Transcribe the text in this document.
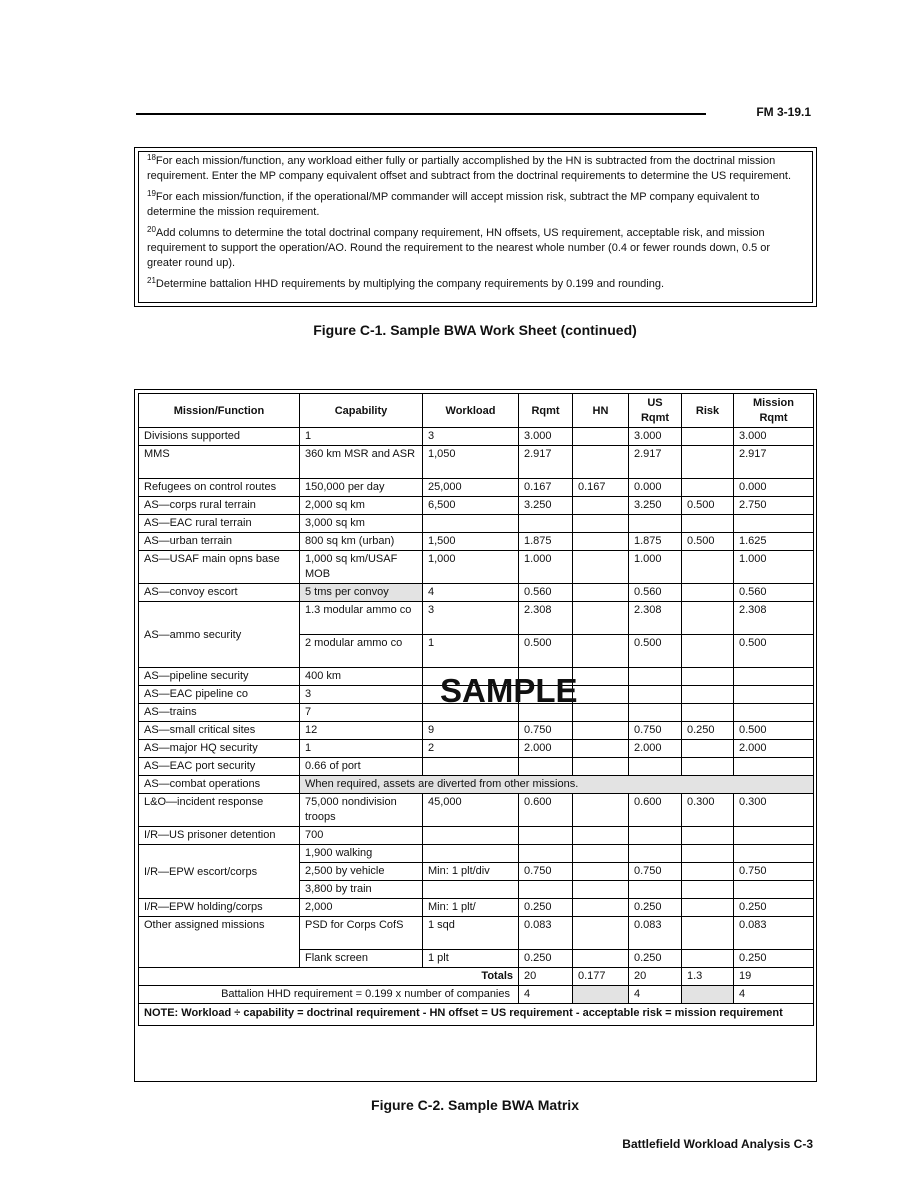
FM 3-19.1

$^{18}$For each mission/function, any workload either fully or partially accomplished by the HN is subtracted from the doctrinal mission requirement. Enter the MP company equivalent offset and subtract from the doctrinal requirements to determine the US requirement.

$^{19}$For each mission/function, if the operational/MP commander will accept mission risk, subtract the MP company equivalent to determine the mission requirement.

$^{20}$Add columns to determine the total doctrinal company requirement, HN offsets, US requirement, acceptable risk, and mission requirement to support the operation/AO. Round the requirement to the nearest whole number (0.4 or fewer rounds down, 0.5 or greater round up).

$^{21}$Determine battalion HHD requirements by multiplying the company requirements by 0.199 and rounding.

Figure C-1. Sample BWA Work Sheet (continued)
Mission/Function	Capability	Workload	Rqmt	HN	US Rqmt	Risk	Mission Rqmt
Divisions supported	1	3	3.000		3.000		3.000
MMS	360 km MSR and ASR	1,050	2.917		2.917		2.917
Refugees on control routes	150,000 per day	25,000	0.167	0.167	0.000		0.000
AS—corps rural terrain	2,000 sq km	6,500	3.250		3.250	0.500	2.750
AS—EAC rural terrain	3,000 sq km						
AS—urban terrain	800 sq km (urban)	1,500	1.875		1.875	0.500	1.625
AS—USAF main opns base	1,000 sq km/USAF MOB	1,000	1.000		1.000		1.000
AS—convoy escort	5 tms per convoy	4	0.560		0.560		0.560
AS—ammo security	1.3 modular ammo co	3	2.308		2.308		2.308
	2 modular ammo co	1	0.500		0.500		0.500
AS—pipeline security	400 km						
AS—EAC pipeline co	3						
AS—trains	7						
AS—small critical sites	12	9	0.750		0.750	0.250	0.500
AS—major HQ security	1	2	2.000		2.000		2.000
AS—EAC port security	0.66 of port						
AS—combat operations	When required, assets are diverted from other missions.						
L&O—incident response	75,000 nondivision troops	45,000	0.600		0.600	0.300	0.300
I/R—US prisoner detention	700						
I/R—EPW escort/corps	1,900 walking						
	2,500 by vehicle	Min: 1 plt/div	0.750		0.750		0.750
	3,800 by train						
I/R—EPW holding/corps	2,000	Min: 1 plt/	0.250		0.250		0.250
Other assigned missions	PSD for Corps CofS	1 sqd	0.083		0.083		0.083
	Flank screen	1 plt	0.250		0.250		0.250
Totals			20	0.177	20	1.3	19
Battalion HHD requirement = 0.199 x number of companies			4		4		4
NOTE: Workload ÷ capability = doctrinal requirement - HN offset = US requirement - acceptable risk = mission requirement							
SAMPLE
Figure C-2. Sample BWA Matrix
Battlefield Workload Analysis C-3
